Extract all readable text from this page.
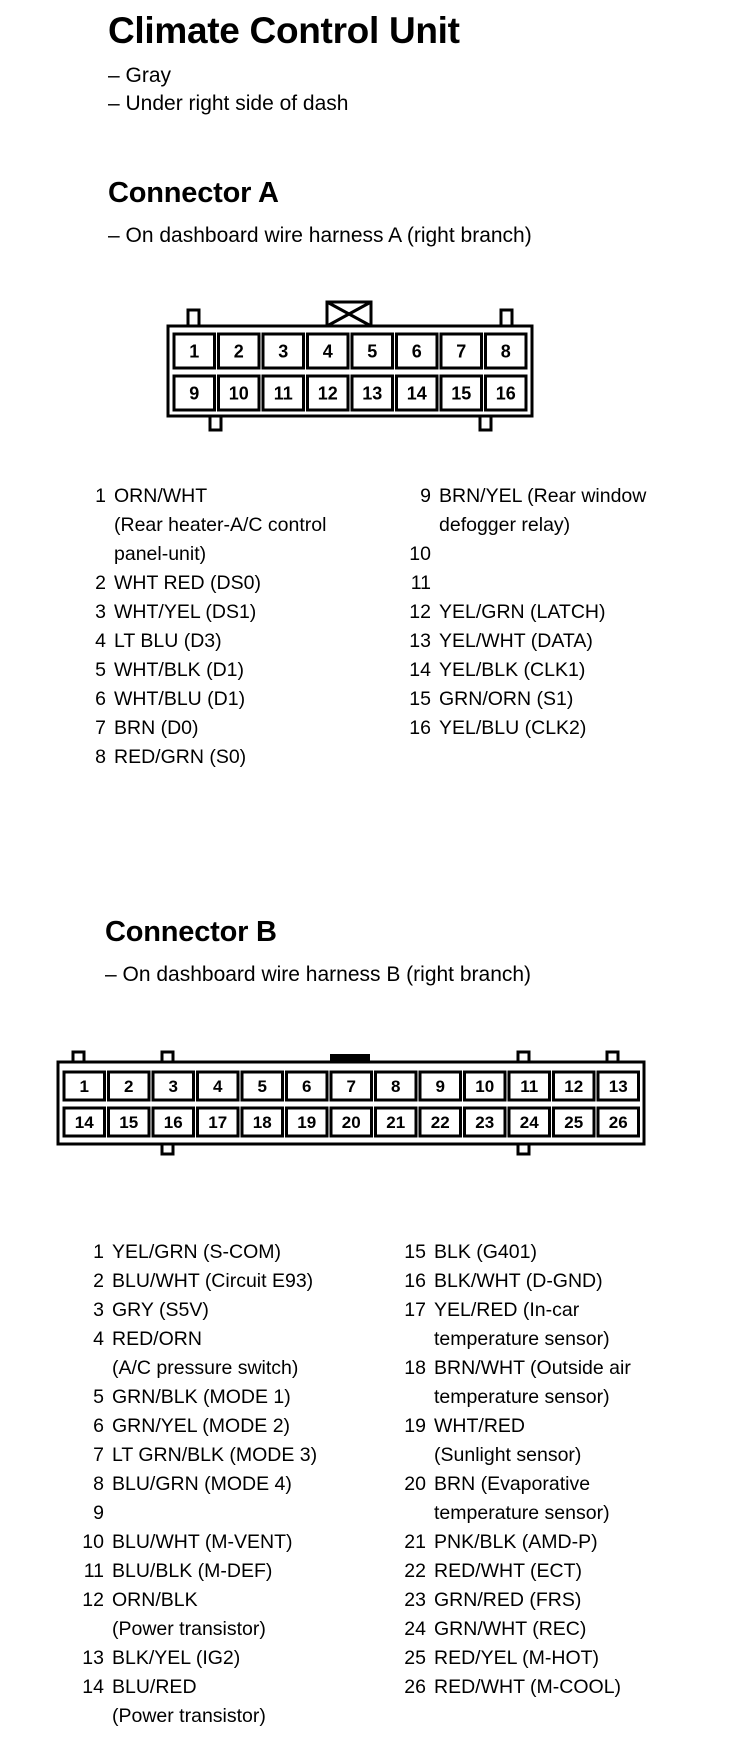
Climate Control Unit
– Gray
– Under right side of dash
Connector A
– On dashboard wire harness A (right branch)
1 2 3 4 5 6 7 8
9 10 11 12 13 14 15 16
1 ORN/WHT
(Rear heater-A/C control
panel-unit)
2 WHT RED (DS0)
3 WHT/YEL (DS1)
4 LT BLU (D3)
5 WHT/BLK (D1)
6 WHT/BLU (D1)
7 BRN (D0)
8 RED/GRN (S0)
9 BRN/YEL (Rear window
defogger relay)
10
11
12 YEL/GRN (LATCH)
13 YEL/WHT (DATA)
14 YEL/BLK (CLK1)
15 GRN/ORN (S1)
16 YEL/BLU (CLK2)
Connector B
– On dashboard wire harness B (right branch)
1 2 3 4 5 6 7 8 9 10 11 12 13
14 15 16 17 18 19 20 21 22 23 24 25 26
1 YEL/GRN (S-COM)
2 BLU/WHT (Circuit E93)
3 GRY (S5V)
4 RED/ORN
(A/C pressure switch)
5 GRN/BLK (MODE 1)
6 GRN/YEL (MODE 2)
7 LT GRN/BLK (MODE 3)
8 BLU/GRN (MODE 4)
9
10 BLU/WHT (M-VENT)
11 BLU/BLK (M-DEF)
12 ORN/BLK
(Power transistor)
13 BLK/YEL (IG2)
14 BLU/RED
(Power transistor)
15 BLK (G401)
16 BLK/WHT (D-GND)
17 YEL/RED (In-car
temperature sensor)
18 BRN/WHT (Outside air
temperature sensor)
19 WHT/RED
(Sunlight sensor)
20 BRN (Evaporative
temperature sensor)
21 PNK/BLK (AMD-P)
22 RED/WHT (ECT)
23 GRN/RED (FRS)
24 GRN/WHT (REC)
25 RED/YEL (M-HOT)
26 RED/WHT (M-COOL)
